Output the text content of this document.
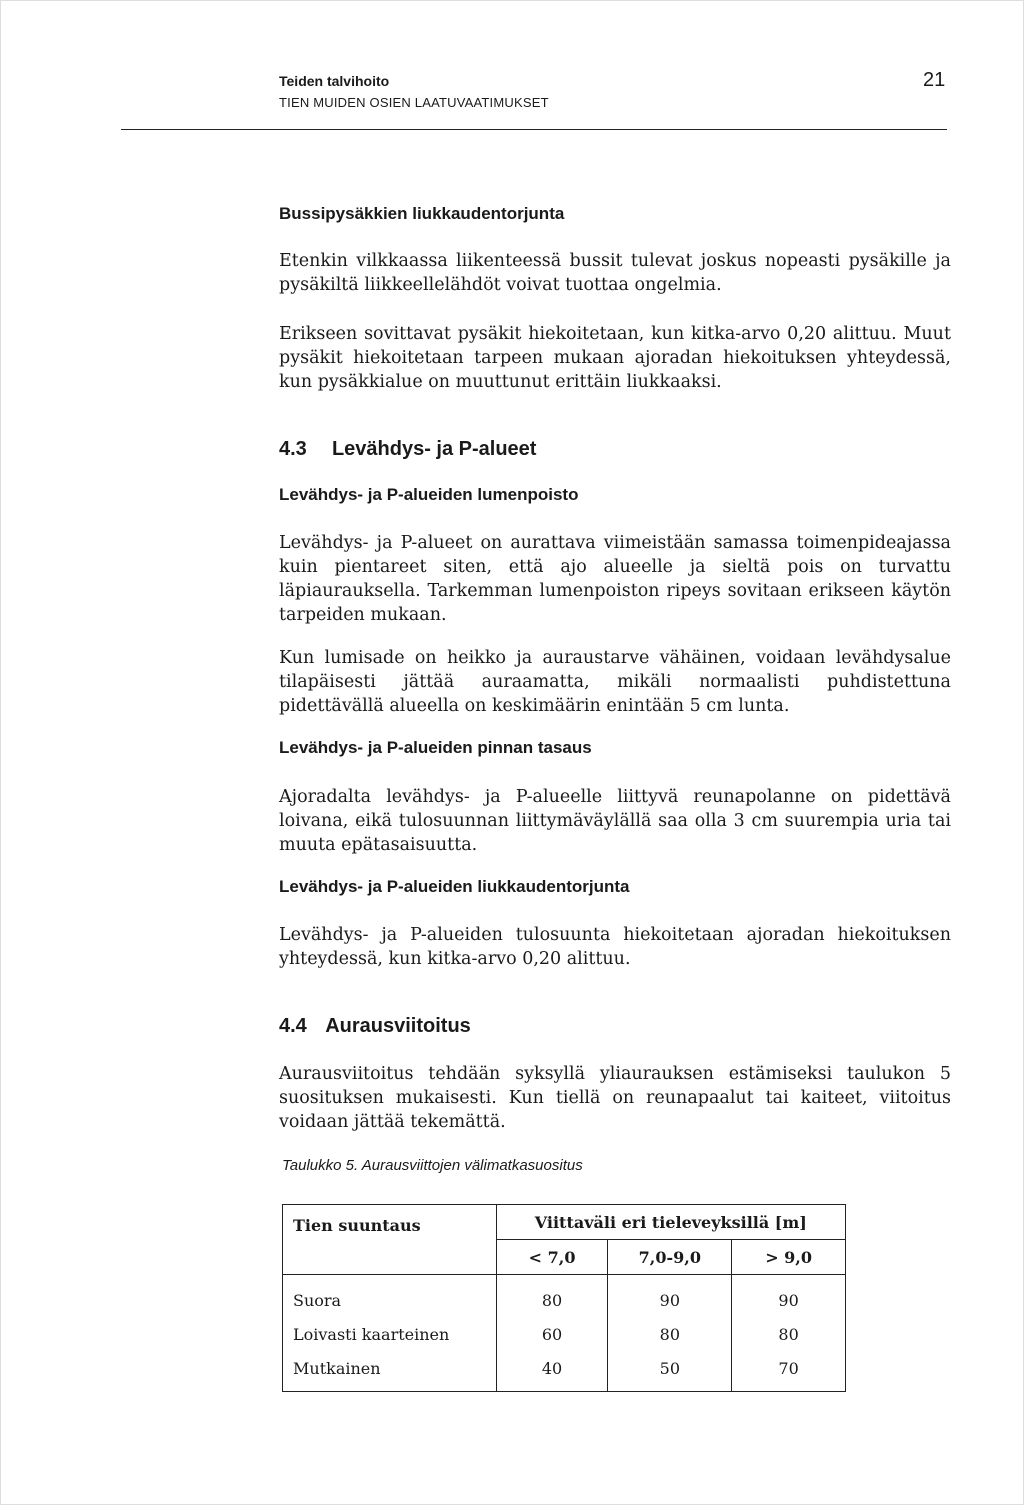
Teiden talvihoito
TIEN MUIDEN OSIEN LAATUVAATIMUKSET
21
Bussipysäkkien liukkaudentorjunta
Etenkin vilkkaassa liikenteessä bussit tulevat joskus nopeasti pysäkille ja pysäkiltä liikkeellelähdöt voivat tuottaa ongelmia.
Erikseen sovittavat pysäkit hiekoitetaan, kun kitka-arvo 0,20 alittuu. Muut pysäkit hiekoitetaan tarpeen mukaan ajoradan hiekoituksen yhteydessä, kun pysäkkialue on muuttunut erittäin liukkaaksi.
4.3 Levähdys- ja P-alueet
Levähdys- ja P-alueiden lumenpoisto
Levähdys- ja P-alueet on aurattava viimeistään samassa toimenpideajassa kuin pientareet siten, että ajo alueelle ja sieltä pois on turvattu läpiaurauksella. Tarkemman lumenpoiston ripeys sovitaan erikseen käytön tarpeiden mukaan.
Kun lumisade on heikko ja auraustarve vähäinen, voidaan levähdysalue tilapäisesti jättää auraamatta, mikäli normaalisti puhdistettuna pidettävällä alueella on keskimäärin enintään 5 cm lunta.
Levähdys- ja P-alueiden pinnan tasaus
Ajoradalta levähdys- ja P-alueelle liittyvä reunapolanne on pidettävä loivana, eikä tulosuunnan liittymäväylällä saa olla 3 cm suurempia uria tai muuta epätasaisuutta.
Levähdys- ja P-alueiden liukkaudentorjunta
Levähdys- ja P-alueiden tulosuunta hiekoitetaan ajoradan hiekoituksen yhteydessä, kun kitka-arvo 0,20 alittuu.
4.4 Aurausviitoitus
Aurausviitoitus tehdään syksyllä yliaurauksen estämiseksi taulukon 5 suosituksen mukaisesti. Kun tiellä on reunapaalut tai kaiteet, viitoitus voidaan jättää tekemättä.
Taulukko 5. Aurausviittojen välimatkasuositus
Tien suuntaus	Viittaväli eri tieleveyksillä [m]		
	< 7,0	7,0-9,0	> 9,0
Suora	80	90	90
Loivasti kaarteinen	60	80	80
Mutkainen	40	50	70
